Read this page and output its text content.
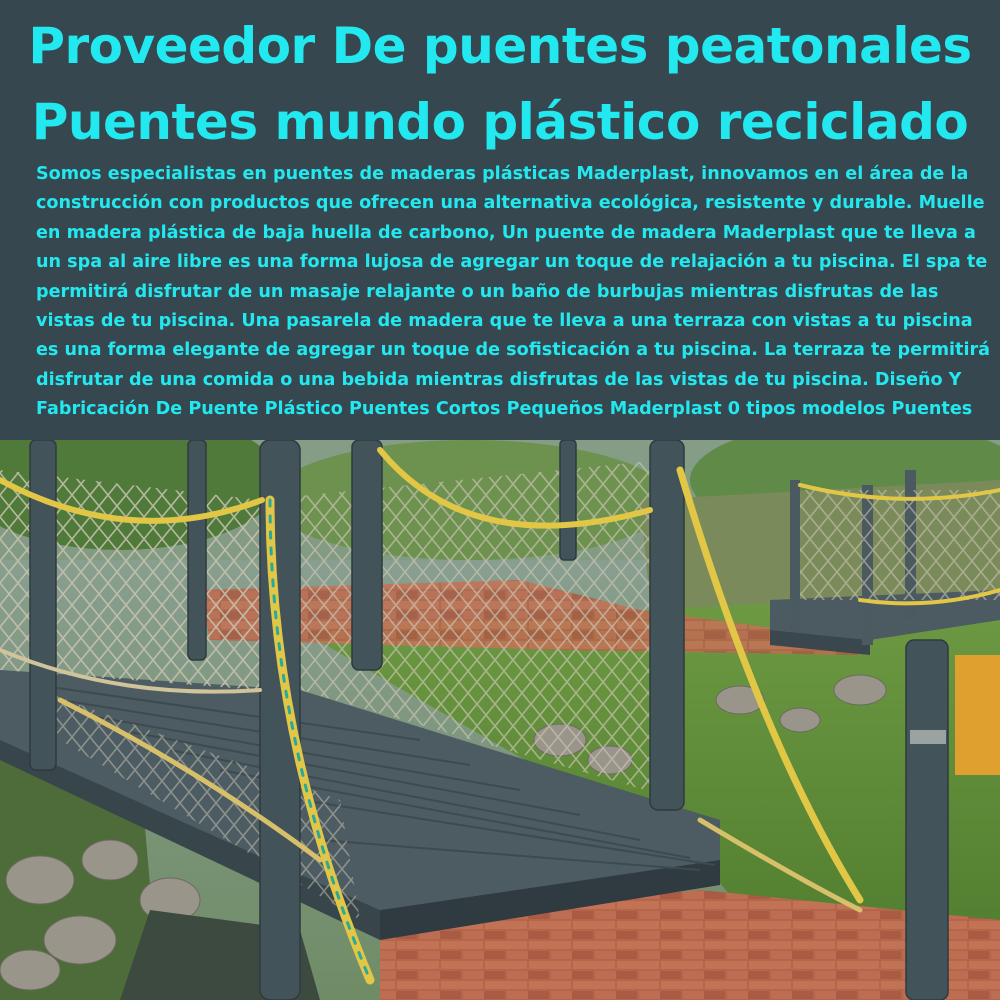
Proveedor De puentes peatonales
Puentes mundo plástico reciclado

Somos especialistas en puentes de maderas plásticas Maderplast, innovamos en el área de la construcción con productos que ofrecen una alternativa ecológica, resistente y durable. Muelle en madera plástica de baja huella de carbono, Un puente de madera Maderplast que te lleva a un spa al aire libre es una forma lujosa de agregar un toque de relajación a tu piscina. El spa te permitirá disfrutar de un masaje relajante o un baño de burbujas mientras disfrutas de las vistas de tu piscina. Una pasarela de madera que te lleva a una terraza con vistas a tu piscina es una forma elegante de agregar un toque de sofisticación a tu piscina. La terraza te permitirá disfrutar de una comida o una bebida mientras disfrutas de las vistas de tu piscina. Diseño Y Fabricación De Puente Plástico Puentes Cortos Pequeños Maderplast 0 tipos modelos Puentes
